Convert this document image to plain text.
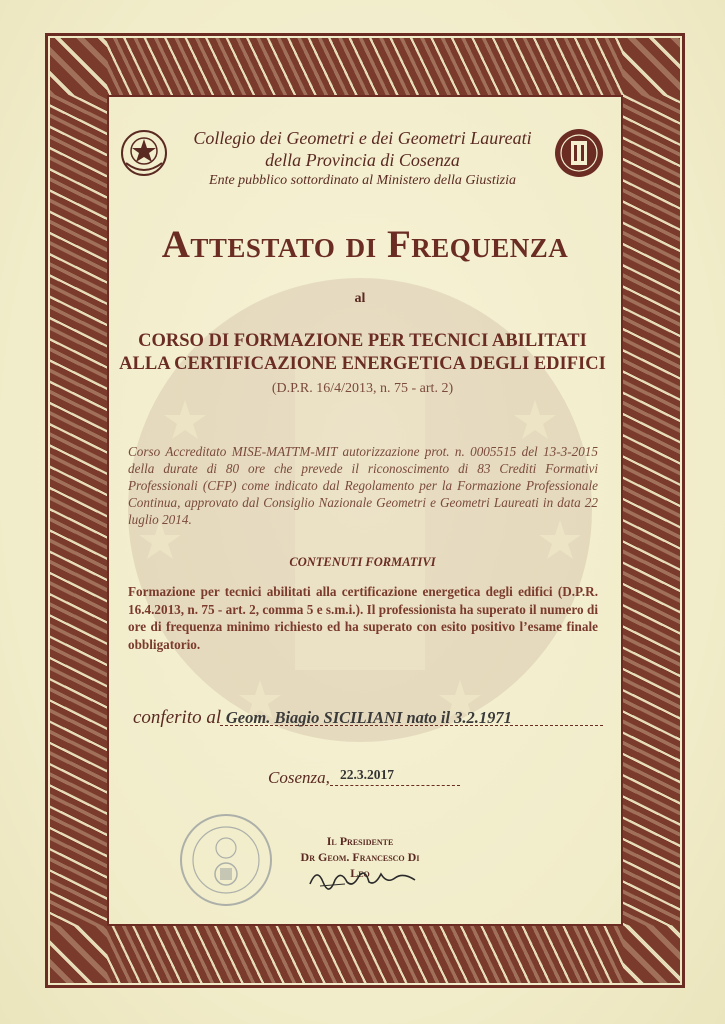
Collegio dei Geometri e dei Geometri Laureati
della Provincia di Cosenza
Ente pubblico sottordinato al Ministero della Giustizia
Attestato di Frequenza
al
CORSO DI FORMAZIONE PER TECNICI ABILITATI
ALLA CERTIFICAZIONE ENERGETICA DEGLI EDIFICI
(D.P.R. 16/4/2013, n. 75 - art. 2)
Corso Accreditato MISE-MATTM-MIT autorizzazione prot. n. 0005515 del 13-3-2015 della durate di 80 ore che prevede il riconoscimento di 83 Crediti Formativi Professionali (CFP) come indicato dal Regolamento per la Formazione Professionale Continua, approvato dal Consiglio Nazionale Geometri e Geometri Laureati in data 22 luglio 2014.
CONTENUTI FORMATIVI
Formazione per tecnici abilitati alla certificazione energetica degli edifici (D.P.R. 16.4.2013, n. 75 - art. 2, comma 5 e s.m.i.). Il professionista ha superato il numero di ore di frequenza minimo richiesto ed ha superato con esito positivo l’esame finale obbligatorio.
conferito al Geom. Biagio SICILIANI nato il 3.2.1971
Cosenza, 22.3.2017
Il Presidente
Dr Geom. Francesco Di Leo
